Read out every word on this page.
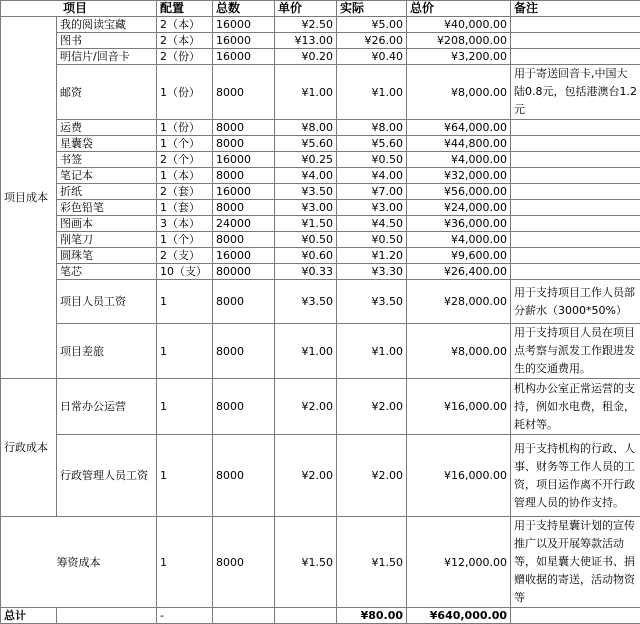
项目		配置	总数	单价	实际	总价	备注
项目成本	我的阅读宝藏	2（本）	16000	¥2.50	¥5.00	¥40,000.00	
	图书	2（本）	16000	¥13.00	¥26.00	¥208,000.00	
	明信片/回音卡	2（份）	16000	¥0.20	¥0.40	¥3,200.00	
	邮资	1（份）	8000	¥1.00	¥1.00	¥8,000.00	用于寄送回音卡,中国大陆0.8元，包括港澳台1.2元
	运费	1（份）	8000	¥8.00	¥8.00	¥64,000.00	
	星囊袋	1（个）	8000	¥5.60	¥5.60	¥44,800.00	
	书签	2（个）	16000	¥0.25	¥0.50	¥4,000.00	
	笔记本	1（本）	8000	¥4.00	¥4.00	¥32,000.00	
	折纸	2（套）	16000	¥3.50	¥7.00	¥56,000.00	
	彩色铅笔	1（套）	8000	¥3.00	¥3.00	¥24,000.00	
	图画本	3（本）	24000	¥1.50	¥4.50	¥36,000.00	
	削笔刀	1（个）	8000	¥0.50	¥0.50	¥4,000.00	
	圆珠笔	2（支）	16000	¥0.60	¥1.20	¥9,600.00	
	笔芯	10（支）	80000	¥0.33	¥3.30	¥26,400.00	
	项目人员工资	1	8000	¥3.50	¥3.50	¥28,000.00	用于支持项目工作人员部分薪水（3000*50%）
	项目差旅	1	8000	¥1.00	¥1.00	¥8,000.00	用于支持项目人员在项目点考察与派发工作跟进发生的交通费用。
行政成本	日常办公运营	1	8000	¥2.00	¥2.00	¥16,000.00	机构办公室正常运营的支持，例如水电费，租金，耗材等。
	行政管理人员工资	1	8000	¥2.00	¥2.00	¥16,000.00	用于支持机构的行政、人事、财务等工作人员的工资，项目运作离不开行政管理人员的协作支持。
筹资成本		1	8000	¥1.50	¥1.50	¥12,000.00	用于支持星囊计划的宣传推广以及开展筹款活动等，如星囊大使证书、捐赠收据的寄送，活动物资等
总计		-			¥80.00	¥640,000.00	
